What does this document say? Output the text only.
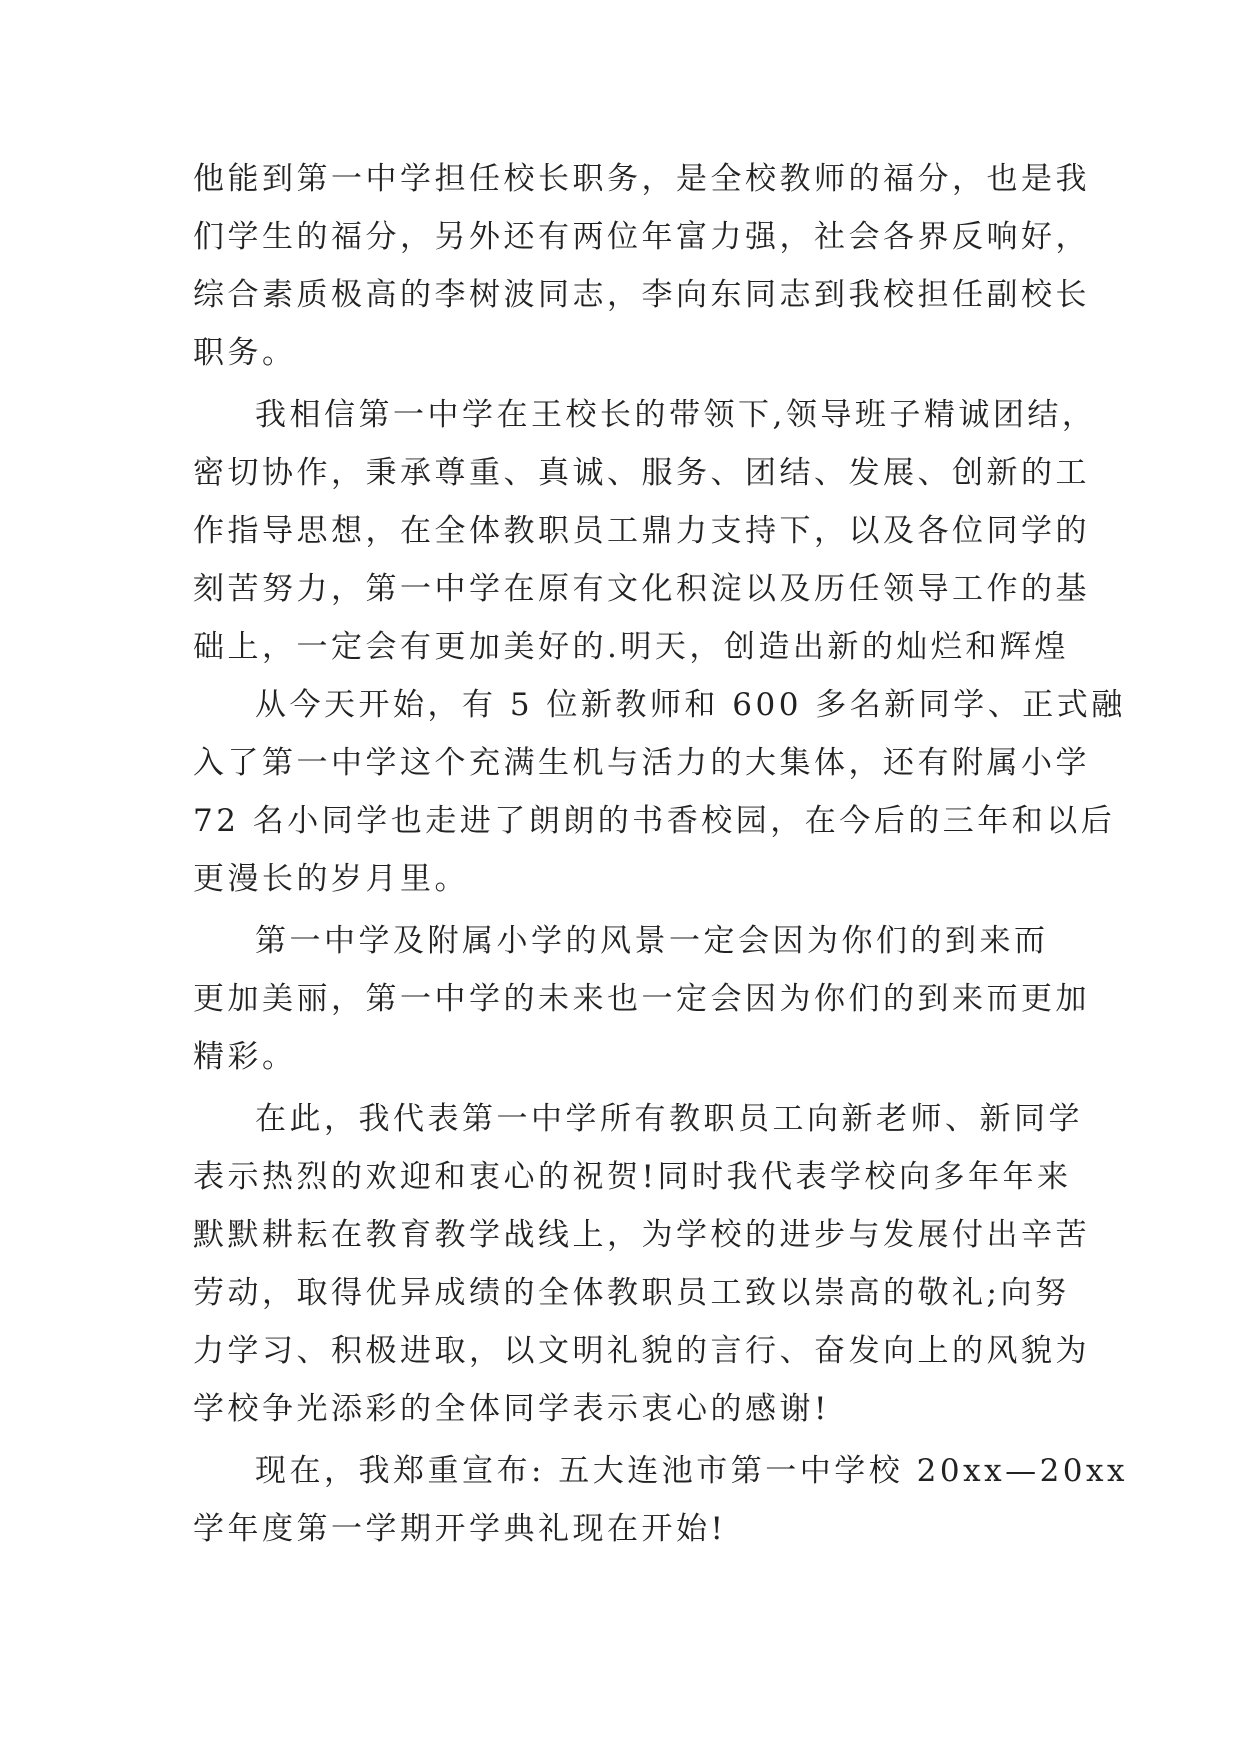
他能到第一中学担任校长职务，是全校教师的福分，也是我
们学生的福分，另外还有两位年富力强，社会各界反响好，
综合素质极高的李树波同志，李向东同志到我校担任副校长
职务。
我相信第一中学在王校长的带领下,领导班子精诚团结，
密切协作，秉承尊重、真诚、服务、团结、发展、创新的工
作指导思想，在全体教职员工鼎力支持下，以及各位同学的
刻苦努力，第一中学在原有文化积淀以及历任领导工作的基
础上，一定会有更加美好的.明天，创造出新的灿烂和辉煌
从今天开始，有 5 位新教师和 600 多名新同学、正式融
入了第一中学这个充满生机与活力的大集体，还有附属小学
72 名小同学也走进了朗朗的书香校园，在今后的三年和以后
更漫长的岁月里。
第一中学及附属小学的风景一定会因为你们的到来而
更加美丽，第一中学的未来也一定会因为你们的到来而更加
精彩。
在此，我代表第一中学所有教职员工向新老师、新同学
表示热烈的欢迎和衷心的祝贺!同时我代表学校向多年年来
默默耕耘在教育教学战线上，为学校的进步与发展付出辛苦
劳动，取得优异成绩的全体教职员工致以崇高的敬礼;向努
力学习、积极进取，以文明礼貌的言行、奋发向上的风貌为
学校争光添彩的全体同学表示衷心的感谢!
现在，我郑重宣布: 五大连池市第一中学校 20xx—20xx
学年度第一学期开学典礼现在开始!
